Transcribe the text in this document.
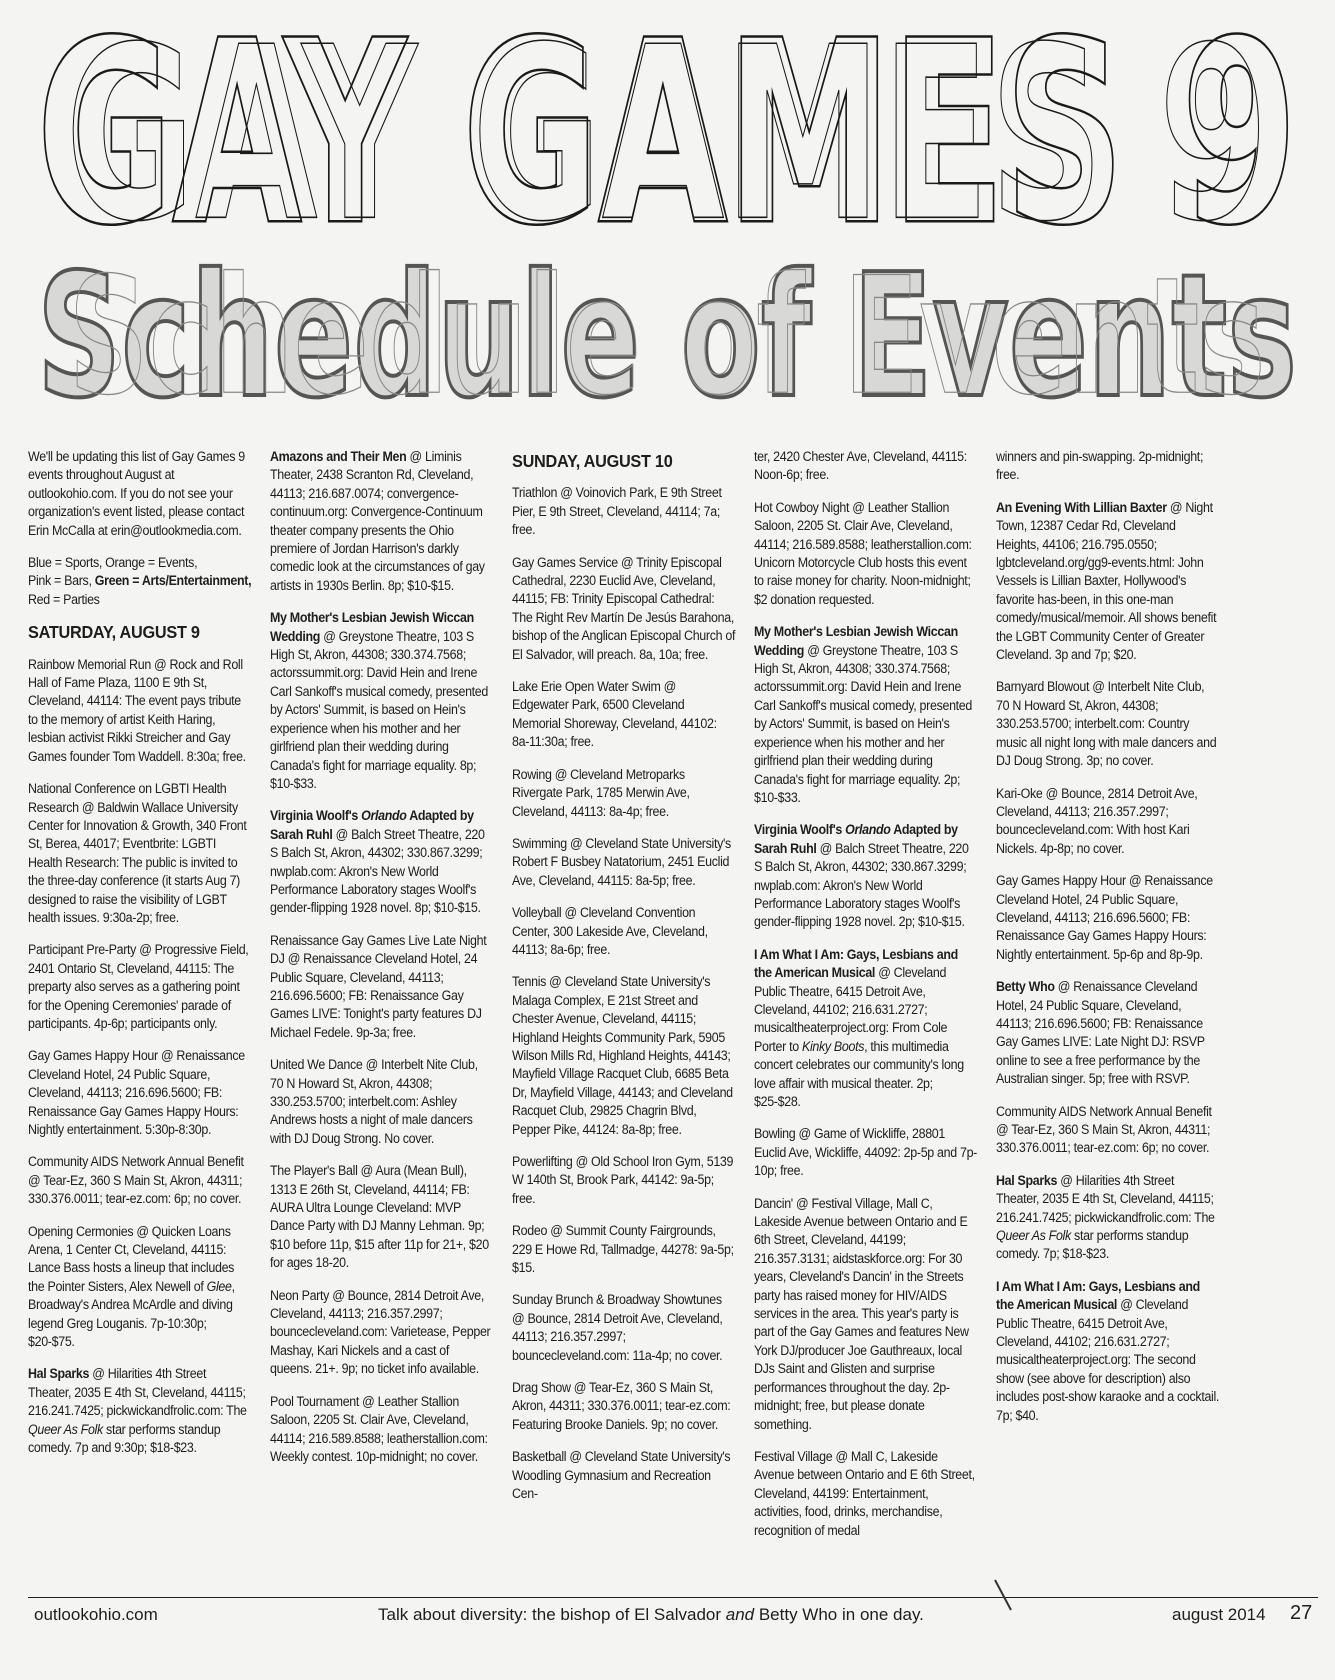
GAY GAMES 9
GAY GAMES 9
Schedule of Events
Schedule of Events

We'll be updating this list of Gay Games 9 events throughout August at outlookohio.com. If you do not see your organization's event listed, please contact Erin McCalla at erin@outlookmedia.com.

Blue = Sports, Orange = Events,
Pink = Bars, Green = Arts/Entertainment,
Red = Parties

SATURDAY, AUGUST 9

Rainbow Memorial Run @ Rock and Roll Hall of Fame Plaza, 1100 E 9th St, Cleveland, 44114: The event pays tribute to the memory of artist Keith Haring, lesbian activist Rikki Streicher and Gay Games founder Tom Waddell. 8:30a; free.

National Conference on LGBTI Health Research @ Baldwin Wallace University Center for Innovation & Growth, 340 Front St, Berea, 44017; Eventbrite: LGBTI Health Research: The public is invited to the three-day conference (it starts Aug 7) designed to raise the visibility of LGBT health issues. 9:30a-2p; free.

Participant Pre-Party @ Progressive Field, 2401 Ontario St, Cleveland, 44115: The preparty also serves as a gathering point for the Opening Ceremonies' parade of participants. 4p-6p; participants only.

Gay Games Happy Hour @ Renaissance Cleveland Hotel, 24 Public Square, Cleveland, 44113; 216.696.5600; FB: Renaissance Gay Games Happy Hours: Nightly entertainment. 5:30p-8:30p.

Community AIDS Network Annual Benefit @ Tear-Ez, 360 S Main St, Akron, 44311; 330.376.0011; tear-ez.com: 6p; no cover.

Opening Cermonies @ Quicken Loans Arena, 1 Center Ct, Cleveland, 44115: Lance Bass hosts a lineup that includes the Pointer Sisters, Alex Newell of Glee, Broadway's Andrea McArdle and diving legend Greg Louganis. 7p-10:30p; $20-$75.

Hal Sparks @ Hilarities 4th Street Theater, 2035 E 4th St, Cleveland, 44115; 216.241.7425; pickwickandfrolic.com: The Queer As Folk star performs standup comedy. 7p and 9:30p; $18-$23.

Amazons and Their Men @ Liminis Theater, 2438 Scranton Rd, Cleveland, 44113; 216.687.0074; convergence-continuum.org: Convergence-Continuum theater company presents the Ohio premiere of Jordan Harrison's darkly comedic look at the circumstances of gay artists in 1930s Berlin. 8p; $10-$15.

My Mother's Lesbian Jewish Wiccan Wedding @ Greystone Theatre, 103 S High St, Akron, 44308; 330.374.7568; actorssummit.org: David Hein and Irene Carl Sankoff's musical comedy, presented by Actors' Summit, is based on Hein's experience when his mother and her girlfriend plan their wedding during Canada's fight for marriage equality. 8p; $10-$33.

Virginia Woolf's Orlando Adapted by Sarah Ruhl @ Balch Street Theatre, 220 S Balch St, Akron, 44302; 330.867.3299; nwplab.com: Akron's New World Performance Laboratory stages Woolf's gender-flipping 1928 novel. 8p; $10-$15.

Renaissance Gay Games Live Late Night DJ @ Renaissance Cleveland Hotel, 24 Public Square, Cleveland, 44113; 216.696.5600; FB: Renaissance Gay Games LIVE: Tonight's party features DJ Michael Fedele. 9p-3a; free.

United We Dance @ Interbelt Nite Club, 70 N Howard St, Akron, 44308; 330.253.5700; interbelt.com: Ashley Andrews hosts a night of male dancers with DJ Doug Strong. No cover.

The Player's Ball @ Aura (Mean Bull), 1313 E 26th St, Cleveland, 44114; FB: AURA Ultra Lounge Cleveland: MVP Dance Party with DJ Manny Lehman. 9p; $10 before 11p, $15 after 11p for 21+, $20 for ages 18-20.

Neon Party @ Bounce, 2814 Detroit Ave, Cleveland, 44113; 216.357.2997; bouncecleveland.com: Varietease, Pepper Mashay, Kari Nickels and a cast of queens. 21+. 9p; no ticket info available.

Pool Tournament @ Leather Stallion Saloon, 2205 St. Clair Ave, Cleveland, 44114; 216.589.8588; leatherstallion.com: Weekly contest. 10p-midnight; no cover.

SUNDAY, AUGUST 10

Triathlon @ Voinovich Park, E 9th Street Pier, E 9th Street, Cleveland, 44114; 7a; free.

Gay Games Service @ Trinity Episcopal Cathedral, 2230 Euclid Ave, Cleveland, 44115; FB: Trinity Episcopal Cathedral: The Right Rev Martín De Jesús Barahona, bishop of the Anglican Episcopal Church of El Salvador, will preach. 8a, 10a; free.

Lake Erie Open Water Swim @ Edgewater Park, 6500 Cleveland Memorial Shoreway, Cleveland, 44102: 8a-11:30a; free.

Rowing @ Cleveland Metroparks Rivergate Park, 1785 Merwin Ave, Cleveland, 44113: 8a-4p; free.

Swimming @ Cleveland State University's Robert F Busbey Natatorium, 2451 Euclid Ave, Cleveland, 44115: 8a-5p; free.

Volleyball @ Cleveland Convention Center, 300 Lakeside Ave, Cleveland, 44113; 8a-6p; free.

Tennis @ Cleveland State University's Malaga Complex, E 21st Street and Chester Avenue, Cleveland, 44115; Highland Heights Community Park, 5905 Wilson Mills Rd, Highland Heights, 44143; Mayfield Village Racquet Club, 6685 Beta Dr, Mayfield Village, 44143; and Cleveland Racquet Club, 29825 Chagrin Blvd, Pepper Pike, 44124: 8a-8p; free.

Powerlifting @ Old School Iron Gym, 5139 W 140th St, Brook Park, 44142: 9a-5p; free.

Rodeo @ Summit County Fairgrounds, 229 E Howe Rd, Tallmadge, 44278: 9a-5p; $15.

Sunday Brunch & Broadway Showtunes @ Bounce, 2814 Detroit Ave, Cleveland, 44113; 216.357.2997; bouncecleveland.com: 11a-4p; no cover.

Drag Show @ Tear-Ez, 360 S Main St, Akron, 44311; 330.376.0011; tear-ez.com: Featuring Brooke Daniels. 9p; no cover.

Basketball @ Cleveland State University's Woodling Gymnasium and Recreation Cen-

ter, 2420 Chester Ave, Cleveland, 44115: Noon-6p; free.

Hot Cowboy Night @ Leather Stallion Saloon, 2205 St. Clair Ave, Cleveland, 44114; 216.589.8588; leatherstallion.com: Unicorn Motorcycle Club hosts this event to raise money for charity. Noon-midnight; $2 donation requested.

My Mother's Lesbian Jewish Wiccan Wedding @ Greystone Theatre, 103 S High St, Akron, 44308; 330.374.7568; actorssummit.org: David Hein and Irene Carl Sankoff's musical comedy, presented by Actors' Summit, is based on Hein's experience when his mother and her girlfriend plan their wedding during Canada's fight for marriage equality. 2p; $10-$33.

Virginia Woolf's Orlando Adapted by Sarah Ruhl @ Balch Street Theatre, 220 S Balch St, Akron, 44302; 330.867.3299; nwplab.com: Akron's New World Performance Laboratory stages Woolf's gender-flipping 1928 novel. 2p; $10-$15.

I Am What I Am: Gays, Lesbians and the American Musical @ Cleveland Public Theatre, 6415 Detroit Ave, Cleveland, 44102; 216.631.2727; musicaltheaterproject.org: From Cole Porter to Kinky Boots, this multimedia concert celebrates our community's long love affair with musical theater. 2p; $25-$28.

Bowling @ Game of Wickliffe, 28801 Euclid Ave, Wickliffe, 44092: 2p-5p and 7p-10p; free.

Dancin' @ Festival Village, Mall C, Lakeside Avenue between Ontario and E 6th Street, Cleveland, 44199; 216.357.3131; aidstaskforce.org: For 30 years, Cleveland's Dancin' in the Streets party has raised money for HIV/AIDS services in the area. This year's party is part of the Gay Games and features New York DJ/producer Joe Gauthreaux, local DJs Saint and Glisten and surprise performances throughout the day. 2p-midnight; free, but please donate something.

Festival Village @ Mall C, Lakeside Avenue between Ontario and E 6th Street, Cleveland, 44199: Entertainment, activities, food, drinks, merchandise, recognition of medal

winners and pin-swapping. 2p-midnight; free.

An Evening With Lillian Baxter @ Night Town, 12387 Cedar Rd, Cleveland Heights, 44106; 216.795.0550; lgbtcleveland.org/gg9-events.html: John Vessels is Lillian Baxter, Hollywood's favorite has-been, in this one-man comedy/musical/memoir. All shows benefit the LGBT Community Center of Greater Cleveland. 3p and 7p; $20.

Barnyard Blowout @ Interbelt Nite Club, 70 N Howard St, Akron, 44308; 330.253.5700; interbelt.com: Country music all night long with male dancers and DJ Doug Strong. 3p; no cover.

Kari-Oke @ Bounce, 2814 Detroit Ave, Cleveland, 44113; 216.357.2997; bouncecleveland.com: With host Kari Nickels. 4p-8p; no cover.

Gay Games Happy Hour @ Renaissance Cleveland Hotel, 24 Public Square, Cleveland, 44113; 216.696.5600; FB: Renaissance Gay Games Happy Hours: Nightly entertainment. 5p-6p and 8p-9p.

Betty Who @ Renaissance Cleveland Hotel, 24 Public Square, Cleveland, 44113; 216.696.5600; FB: Renaissance Gay Games LIVE: Late Night DJ: RSVP online to see a free performance by the Australian singer. 5p; free with RSVP.

Community AIDS Network Annual Benefit @ Tear-Ez, 360 S Main St, Akron, 44311; 330.376.0011; tear-ez.com: 6p; no cover.

Hal Sparks @ Hilarities 4th Street Theater, 2035 E 4th St, Cleveland, 44115; 216.241.7425; pickwickandfrolic.com: The Queer As Folk star performs standup comedy. 7p; $18-$23.

I Am What I Am: Gays, Lesbians and the American Musical @ Cleveland Public Theatre, 6415 Detroit Ave, Cleveland, 44102; 216.631.2727; musicaltheaterproject.org: The second show (see above for description) also includes post-show karaoke and a cocktail. 7p; $40.

outlookohio.com	Talk about diversity: the bishop of El Salvador and Betty Who in one day.	august 2014 27
